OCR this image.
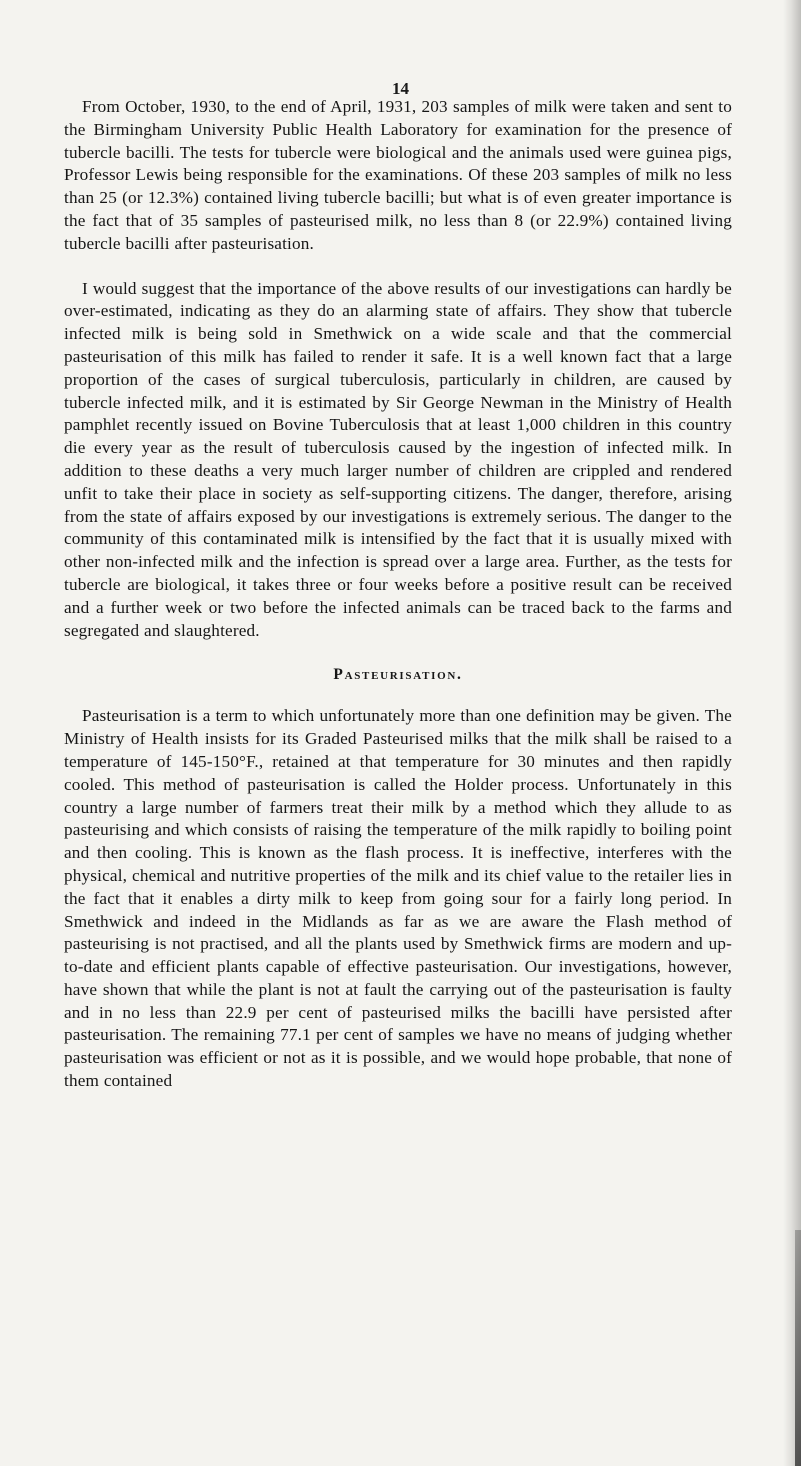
14

From October, 1930, to the end of April, 1931, 203 samples of milk were taken and sent to the Birmingham University Public Health Laboratory for examination for the presence of tubercle bacilli. The tests for tubercle were biological and the animals used were guinea pigs, Professor Lewis being responsible for the examinations. Of these 203 samples of milk no less than 25 (or 12.3%) contained living tubercle bacilli; but what is of even greater importance is the fact that of 35 samples of pasteurised milk, no less than 8 (or 22.9%) contained living tubercle bacilli after pasteurisation.

I would suggest that the importance of the above results of our investigations can hardly be over-estimated, indicating as they do an alarming state of affairs. They show that tubercle infected milk is being sold in Smethwick on a wide scale and that the commercial pasteurisation of this milk has failed to render it safe. It is a well known fact that a large proportion of the cases of surgical tuberculosis, particularly in children, are caused by tubercle infected milk, and it is estimated by Sir George Newman in the Ministry of Health pamphlet recently issued on Bovine Tuberculosis that at least 1,000 children in this country die every year as the result of tuberculosis caused by the ingestion of infected milk. In addition to these deaths a very much larger number of children are crippled and rendered unfit to take their place in society as self-supporting citizens. The danger, therefore, arising from the state of affairs exposed by our investigations is extremely serious. The danger to the community of this contaminated milk is intensified by the fact that it is usually mixed with other non-infected milk and the infection is spread over a large area. Further, as the tests for tubercle are biological, it takes three or four weeks before a positive result can be received and a further week or two before the infected animals can be traced back to the farms and segregated and slaughtered.

Pasteurisation.

Pasteurisation is a term to which unfortunately more than one definition may be given. The Ministry of Health insists for its Graded Pasteurised milks that the milk shall be raised to a temperature of 145-150°F., retained at that temperature for 30 minutes and then rapidly cooled. This method of pasteurisation is called the Holder process. Unfortunately in this country a large number of farmers treat their milk by a method which they allude to as pasteurising and which consists of raising the temperature of the milk rapidly to boiling point and then cooling. This is known as the flash process. It is ineffective, interferes with the physical, chemical and nutritive properties of the milk and its chief value to the retailer lies in the fact that it enables a dirty milk to keep from going sour for a fairly long period. In Smethwick and indeed in the Midlands as far as we are aware the Flash method of pasteurising is not practised, and all the plants used by Smethwick firms are modern and up-to-date and efficient plants capable of effective pasteurisation. Our investigations, however, have shown that while the plant is not at fault the carrying out of the pasteurisation is faulty and in no less than 22.9 per cent of pasteurised milks the bacilli have persisted after pasteurisation. The remaining 77.1 per cent of samples we have no means of judging whether pasteurisation was efficient or not as it is possible, and we would hope probable, that none of them contained
